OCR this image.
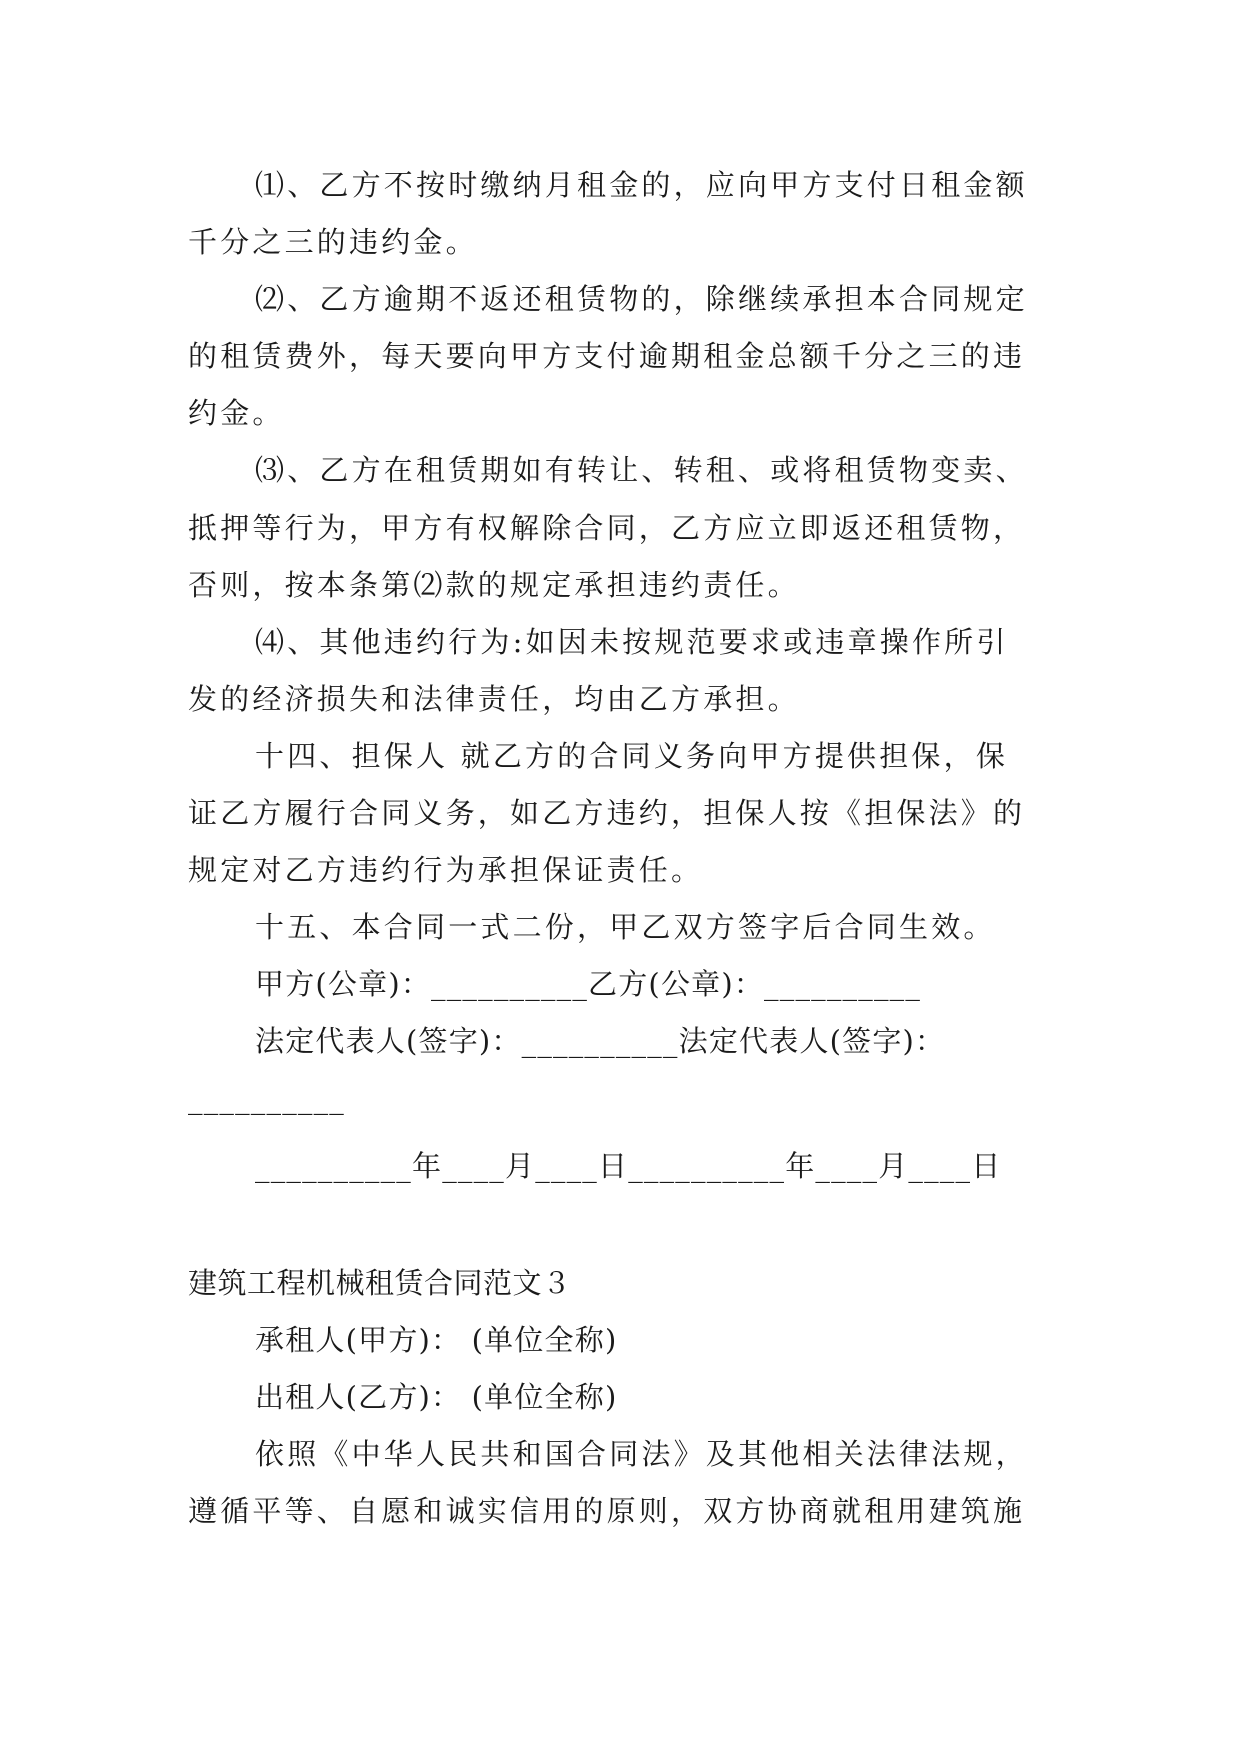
⑴、乙方不按时缴纳月租金的，应向甲方支付日租金额

千分之三的违约金。

⑵、乙方逾期不返还租赁物的，除继续承担本合同规定

的租赁费外，每天要向甲方支付逾期租金总额千分之三的违

约金。

⑶、乙方在租赁期如有转让、转租、或将租赁物变卖、

抵押等行为，甲方有权解除合同，乙方应立即返还租赁物，

否则，按本条第⑵款的规定承担违约责任。

⑷、其他违约行为:如因未按规范要求或违章操作所引

发的经济损失和法律责任，均由乙方承担。

十四、担保人 就乙方的合同义务向甲方提供担保，保

证乙方履行合同义务，如乙方违约，担保人按《担保法》的

规定对乙方违约行为承担保证责任。

十五、本合同一式二份，甲乙双方签字后合同生效。

甲方(公章)：__________乙方(公章)：__________

法定代表人(签字)：__________法定代表人(签字)：

__________

__________年____月____日__________年____月____日

建筑工程机械租赁合同范文３

承租人(甲方)： (单位全称)

出租人(乙方)： (单位全称)

依照《中华人民共和国合同法》及其他相关法律法规，

遵循平等、自愿和诚实信用的原则，双方协商就租用建筑施
